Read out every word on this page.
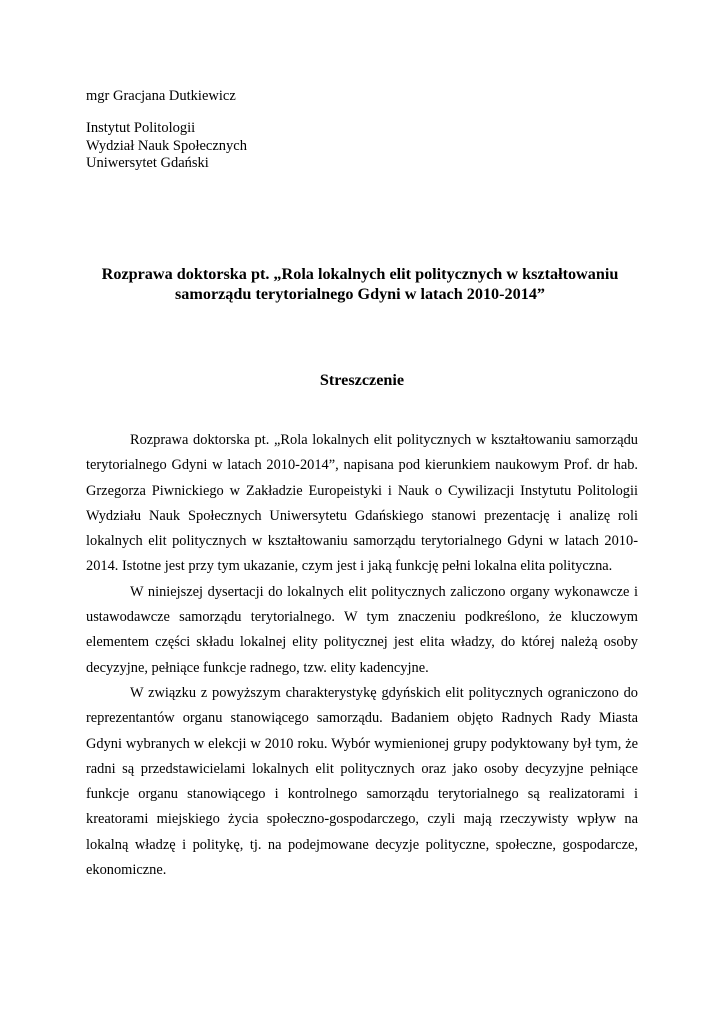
mgr Gracjana Dutkiewicz

Instytut Politologii
Wydział Nauk Społecznych
Uniwersytet Gdański
Rozprawa doktorska pt. „Rola lokalnych elit politycznych w kształtowaniu
samorządu terytorialnego Gdyni w latach 2010-2014”
Streszczenie

Rozprawa doktorska pt. „Rola lokalnych elit politycznych w kształtowaniu samorządu terytorialnego Gdyni w latach 2010-2014”, napisana pod kierunkiem naukowym Prof. dr hab. Grzegorza Piwnickiego w Zakładzie Europeistyki i Nauk o Cywilizacji Instytutu Politologii Wydziału Nauk Społecznych Uniwersytetu Gdańskiego stanowi prezentację i analizę roli lokalnych elit politycznych w kształtowaniu samorządu terytorialnego Gdyni w latach 2010-2014. Istotne jest przy tym ukazanie, czym jest i jaką funkcję pełni lokalna elita polityczna.

W niniejszej dysertacji do lokalnych elit politycznych zaliczono organy wykonawcze i ustawodawcze samorządu terytorialnego. W tym znaczeniu podkreślono, że kluczowym elementem części składu lokalnej elity politycznej jest elita władzy, do której należą osoby decyzyjne, pełniące funkcje radnego, tzw. elity kadencyjne.

W związku z powyższym charakterystykę gdyńskich elit politycznych ograniczono do reprezentantów organu stanowiącego samorządu. Badaniem objęto Radnych Rady Miasta Gdyni wybranych w elekcji w 2010 roku. Wybór wymienionej grupy podyktowany był tym, że radni są przedstawicielami lokalnych elit politycznych oraz jako osoby decyzyjne pełniące funkcje organu stanowiącego i kontrolnego samorządu terytorialnego są realizatorami i kreatorami miejskiego życia społeczno-gospodarczego, czyli mają rzeczywisty wpływ na lokalną władzę i politykę, tj. na podejmowane decyzje polityczne, społeczne, gospodarcze, ekonomiczne.
